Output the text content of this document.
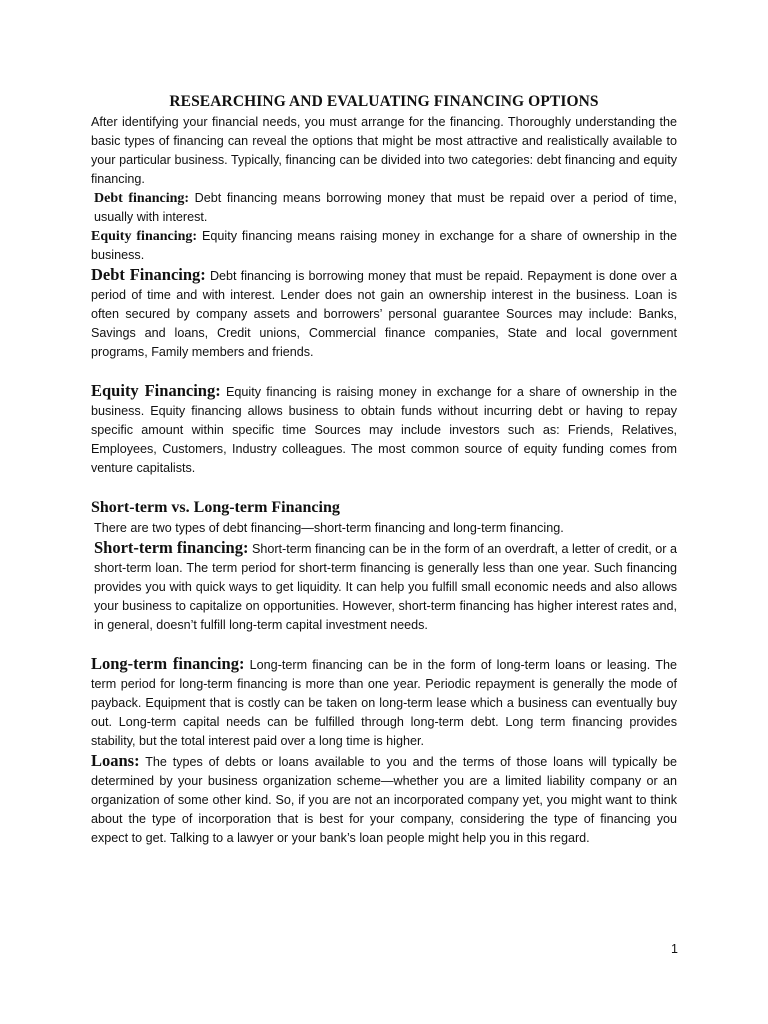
RESEARCHING AND EVALUATING FINANCING OPTIONS

After identifying your financial needs, you must arrange for the financing. Thoroughly understanding the basic types of financing can reveal the options that might be most attractive and realistically available to your particular business. Typically, financing can be divided into two categories: debt financing and equity financing.

Debt financing: Debt financing means borrowing money that must be repaid over a period of time, usually with interest.

Equity financing: Equity financing means raising money in exchange for a share of ownership in the business.

Debt Financing: Debt financing is borrowing money that must be repaid. Repayment is done over a period of time and with interest. Lender does not gain an ownership interest in the business. Loan is often secured by company assets and borrowers’ personal guarantee Sources may include: Banks, Savings and loans, Credit unions, Commercial finance companies, State and local government programs, Family members and friends.

Equity Financing: Equity financing is raising money in exchange for a share of ownership in the business. Equity financing allows business to obtain funds without incurring debt or having to repay specific amount within specific time Sources may include investors such as: Friends, Relatives, Employees, Customers, Industry colleagues. The most common source of equity funding comes from venture capitalists.

Short-term vs. Long-term Financing

There are two types of debt financing—short-term financing and long-term financing.

Short-term financing: Short-term financing can be in the form of an overdraft, a letter of credit, or a short-term loan. The term period for short-term financing is generally less than one year. Such financing provides you with quick ways to get liquidity. It can help you fulfill small economic needs and also allows your business to capitalize on opportunities. However, short-term financing has higher interest rates and, in general, doesn’t fulfill long-term capital investment needs.

Long-term financing: Long-term financing can be in the form of long-term loans or leasing. The term period for long-term financing is more than one year. Periodic repayment is generally the mode of payback. Equipment that is costly can be taken on long-term lease which a business can eventually buy out. Long-term capital needs can be fulfilled through long-term debt. Long term financing provides stability, but the total interest paid over a long time is higher.

Loans: The types of debts or loans available to you and the terms of those loans will typically be determined by your business organization scheme—whether you are a limited liability company or an organization of some other kind. So, if you are not an incorporated company yet, you might want to think about the type of incorporation that is best for your company, considering the type of financing you expect to get. Talking to a lawyer or your bank’s loan people might help you in this regard.

1
